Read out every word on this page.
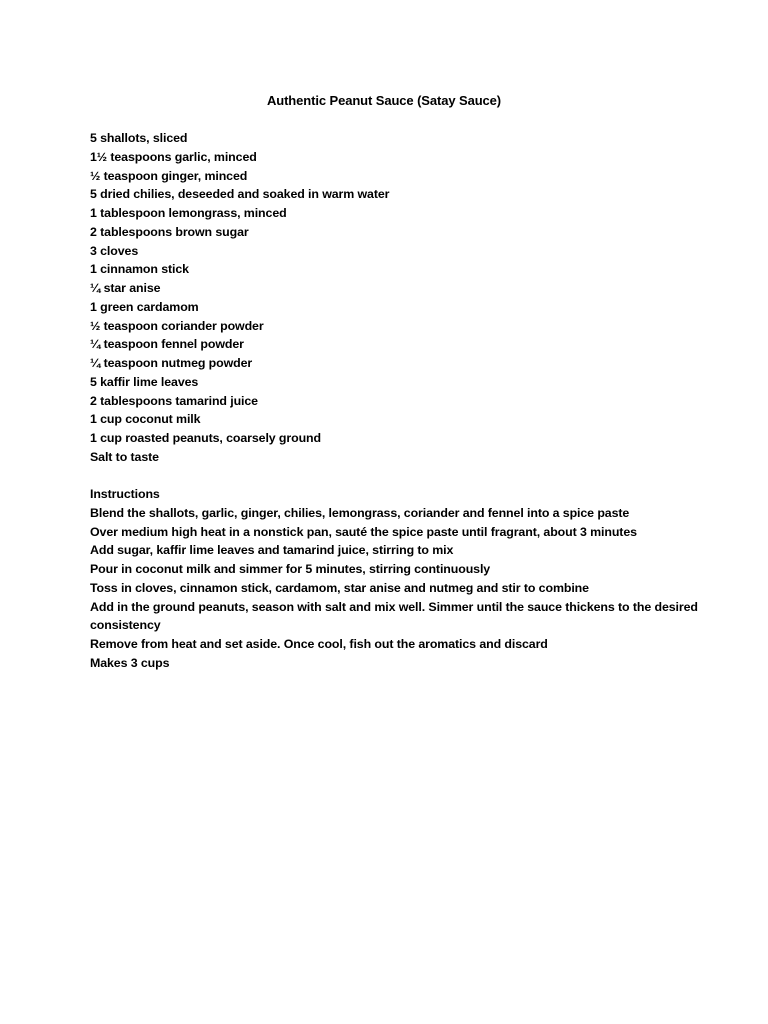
Authentic Peanut Sauce (Satay Sauce)
5 shallots, sliced
1½ teaspoons garlic, minced
½ teaspoon ginger, minced
5 dried chilies, deseeded and soaked in warm water
1 tablespoon lemongrass, minced
2 tablespoons brown sugar
3 cloves
1 cinnamon stick
¼ star anise
1 green cardamom
½ teaspoon coriander powder
¼ teaspoon fennel powder
¼ teaspoon nutmeg powder
5 kaffir lime leaves
2 tablespoons tamarind juice
1 cup coconut milk
1 cup roasted peanuts, coarsely ground
Salt to taste
Instructions
Blend the shallots, garlic, ginger, chilies, lemongrass, coriander and fennel into a spice paste
Over medium high heat in a nonstick pan, sauté the spice paste until fragrant, about 3 minutes
Add sugar, kaffir lime leaves and tamarind juice, stirring to mix
Pour in coconut milk and simmer for 5 minutes, stirring continuously
Toss in cloves, cinnamon stick, cardamom, star anise and nutmeg and stir to combine
Add in the ground peanuts, season with salt and mix well. Simmer until the sauce thickens to the desired consistency
Remove from heat and set aside. Once cool, fish out the aromatics and discard
Makes 3 cups
